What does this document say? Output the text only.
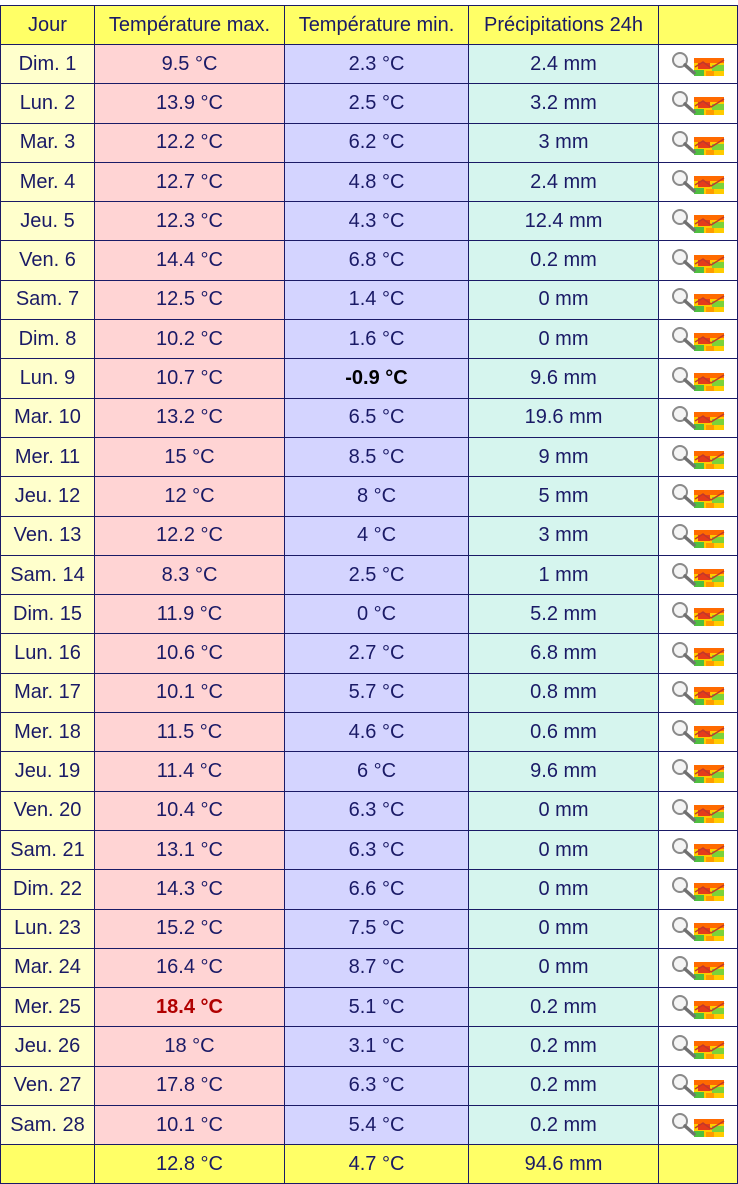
Jour	Température max.	Température min.	Précipitations 24h	
Dim. 1	9.5 °C	2.3 °C	2.4 mm	
Lun. 2	13.9 °C	2.5 °C	3.2 mm	
Mar. 3	12.2 °C	6.2 °C	3 mm	
Mer. 4	12.7 °C	4.8 °C	2.4 mm	
Jeu. 5	12.3 °C	4.3 °C	12.4 mm	
Ven. 6	14.4 °C	6.8 °C	0.2 mm	
Sam. 7	12.5 °C	1.4 °C	0 mm	
Dim. 8	10.2 °C	1.6 °C	0 mm	
Lun. 9	10.7 °C	-0.9 °C	9.6 mm	
Mar. 10	13.2 °C	6.5 °C	19.6 mm	
Mer. 11	15 °C	8.5 °C	9 mm	
Jeu. 12	12 °C	8 °C	5 mm	
Ven. 13	12.2 °C	4 °C	3 mm	
Sam. 14	8.3 °C	2.5 °C	1 mm	
Dim. 15	11.9 °C	0 °C	5.2 mm	
Lun. 16	10.6 °C	2.7 °C	6.8 mm	
Mar. 17	10.1 °C	5.7 °C	0.8 mm	
Mer. 18	11.5 °C	4.6 °C	0.6 mm	
Jeu. 19	11.4 °C	6 °C	9.6 mm	
Ven. 20	10.4 °C	6.3 °C	0 mm	
Sam. 21	13.1 °C	6.3 °C	0 mm	
Dim. 22	14.3 °C	6.6 °C	0 mm	
Lun. 23	15.2 °C	7.5 °C	0 mm	
Mar. 24	16.4 °C	8.7 °C	0 mm	
Mer. 25	18.4 °C	5.1 °C	0.2 mm	
Jeu. 26	18 °C	3.1 °C	0.2 mm	
Ven. 27	17.8 °C	6.3 °C	0.2 mm	
Sam. 28	10.1 °C	5.4 °C	0.2 mm	
	12.8 °C	4.7 °C	94.6 mm	
